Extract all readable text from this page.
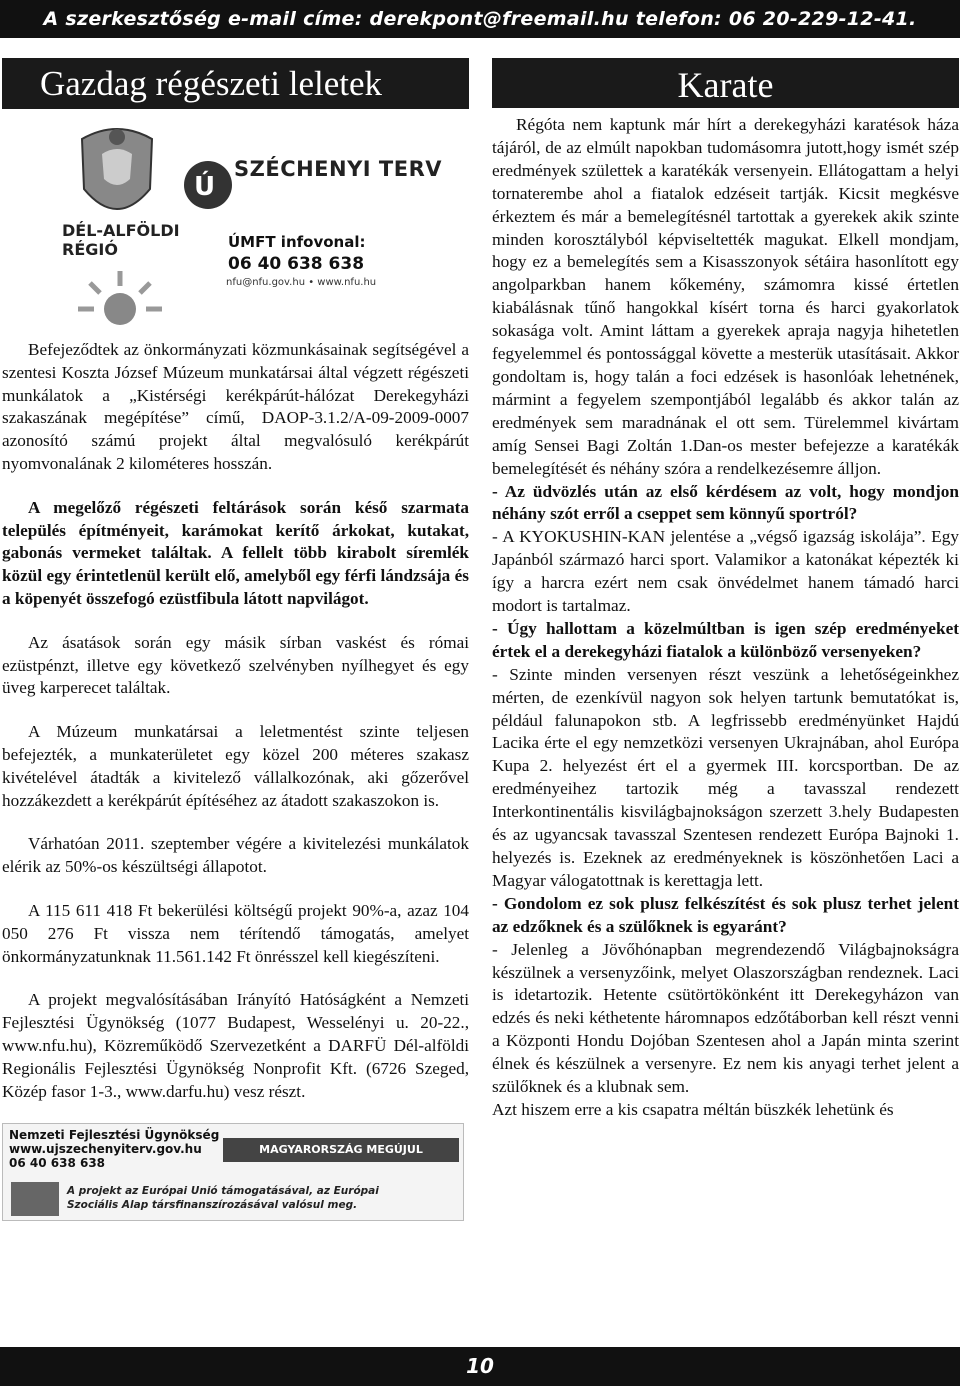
A szerkesztőség e-mail címe: derekpont@freemail.hu telefon: 06 20-229-12-41.
Gazdag régészeti leletek
Ú
SZÉCHENYI TERV
DÉL-ALFÖLDI
RÉGIÓ	ÚMFT infovonal:
06 40 638 638
nfu@nfu.gov.hu • www.nfu.hu

Befejeződtek az önkormányzati közmunkásainak segítségével a szentesi Koszta József Múzeum munkatársai által végzett régészeti munkálatok a „Kistérségi kerékpárút-hálózat Derekegyházi szakaszának megépítése” című, DAOP-3.1.2/A-09-2009-0007 azonosító számú projekt által megvalósuló kerékpárút nyomvonalának 2 kilométeres hosszán.

A megelőző régészeti feltárások során késő szarmata település építményeit, karámokat kerítő árkokat, kutakat, gabonás vermeket találtak. A fellelt több kirabolt síremlék közül egy érintetlenül került elő, amelyből egy férfi lándzsája és a köpenyét összefogó ezüstfibula látott napvilágot.

Az ásatások során egy másik sírban vaskést és római ezüstpénzt, illetve egy következő szelvényben nyílhegyet és egy üveg karperecet találtak.

A Múzeum munkatársai a leletmentést szinte teljesen befejezték, a munkaterületet egy közel 200 méteres szakasz kivételével átadták a kivitelező vállalkozónak, aki gőzerővel hozzákezdett a kerékpárút építéséhez az átadott szakaszokon is.

Várhatóan 2011. szeptember végére a kivitelezési munkálatok elérik az 50%-os készültségi állapotot.

A 115 611 418 Ft bekerülési költségű projekt 90%-a, azaz 104 050 276 Ft vissza nem térítendő támogatás, amelyet önkormányzatunknak 11.561.142 Ft önrésszel kell kiegészíteni.

A projekt megvalósításában Irányító Hatóságként a Nemzeti Fejlesztési Ügynökség (1077 Budapest, Wesselényi u. 20-22., www.nfu.hu), Közreműködő Szervezetként a DARFÜ Dél-alföldi Regionális Fejlesztési Ügynökség Nonprofit Kft. (6726 Szeged, Közép fasor 1-3., www.darfu.hu) vesz részt.

Nemzeti Fejlesztési Ügynökség
www.ujszechenyiterv.gov.hu
06 40 638 638
MAGYARORSZÁG MEGÚJUL
A projekt az Európai Unió támogatásával, az Európai
Szociális Alap társfinanszírozásával valósul meg.
Karate

Régóta nem kaptunk már hírt a derekegyházi karatésok háza tájáról, de az elmúlt napokban tudomásomra jutott,hogy ismét szép eredmények születtek a karatékák versenyein. Ellátogattam a helyi tornaterembe ahol a fiatalok edzéseit tartják. Kicsit megkésve érkeztem és már a bemelegítésnél tartottak a gyerekek akik szinte minden korosztályból képviseltették magukat. Elkell mondjam, hogy ez a bemelegítés sem a Kisasszonyok sétáira hasonlított egy angolparkban hanem kőkemény, számomra kissé értetlen kiabálásnak tűnő hangokkal kísért torna és harci gyakorlatok sokasága volt. Amint láttam a gyerekek apraja nagyja hihetetlen fegyelemmel és pontossággal követte a mesterük utasításait. Akkor gondoltam is, hogy talán a foci edzések is hasonlóak lehetnének, mármint a fegyelem szempontjából legalább és akkor talán az eredmények sem maradnának el ott sem. Türelemmel kivártam amíg Sensei Bagi Zoltán 1.Dan-os mester befejezze a karatékák bemelegítését és néhány szóra a rendelkezésemre álljon.

- Az üdvözlés után az első kérdésem az volt, hogy mondjon néhány szót erről a cseppet sem könnyű sportról?

- A KYOKUSHIN-KAN jelentése a „végső igazság iskolája”. Egy Japánból származó harci sport. Valamikor a katonákat képezték ki így a harcra ezért nem csak önvédelmet hanem támadó harci modort is tartalmaz.

- Úgy hallottam a közelmúltban is igen szép eredményeket értek el a derekegyházi fiatalok a különböző versenyeken?

- Szinte minden versenyen részt veszünk a lehetőségeinkhez mérten, de ezenkívül nagyon sok helyen tartunk bemutatókat is, például falunapokon stb. A legfrissebb eredményünket Hajdú Lacika érte el egy nemzetközi versenyen Ukrajnában, ahol Európa Kupa 2. helyezést ért el a gyermek III. korcsportban. De az eredményeihez tartozik még a tavasszal rendezett Interkontinentális kisvilágbajnokságon szerzett 3.hely Budapesten és az ugyancsak tavasszal Szentesen rendezett Európa Bajnoki 1. helyezés is. Ezeknek az eredményeknek is köszönhetően Laci a Magyar válogatottnak is kerettagja lett.

- Gondolom ez sok plusz felkészítést és sok plusz terhet jelent az edzőknek és a szülőknek is egyaránt?

- Jelenleg a Jövőhónapban megrendezendő Világbajnokságra készülnek a versenyzőink, melyet Olaszországban rendeznek. Laci is idetartozik. Hetente csütörtökönként itt Derekegyházon van edzés és neki kéthetente háromnapos edzőtáborban kell részt venni a Központi Hondu Dojóban Szentesen ahol a Japán minta szerint élnek és készülnek a versenyre. Ez nem kis anyagi terhet jelent a szülőknek és a klubnak sem.

Azt hiszem erre a kis csapatra méltán büszkék lehetünk és

10
